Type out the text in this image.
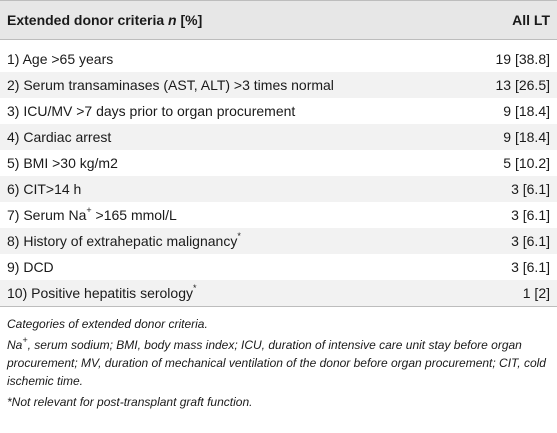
Extended donor criteria n [%]	All LT
1) Age >65 years	19 [38.8]
2) Serum transaminases (AST, ALT) >3 times normal	13 [26.5]
3) ICU/MV >7 days prior to organ procurement	9 [18.4]
4) Cardiac arrest	9 [18.4]
5) BMI >30 kg/m2	5 [10.2]
6) CIT>14 h	3 [6.1]
7) Serum Na+ >165 mmol/L	3 [6.1]
8) History of extrahepatic malignancy*	3 [6.1]
9) DCD	3 [6.1]
10) Positive hepatitis serology*	1 [2]

Categories of extended donor criteria.

Na+, serum sodium; BMI, body mass index; ICU, duration of intensive care unit stay before organ procurement; MV, duration of mechanical ventilation of the donor before organ procurement; CIT, cold ischemic time.

*Not relevant for post-transplant graft function.
